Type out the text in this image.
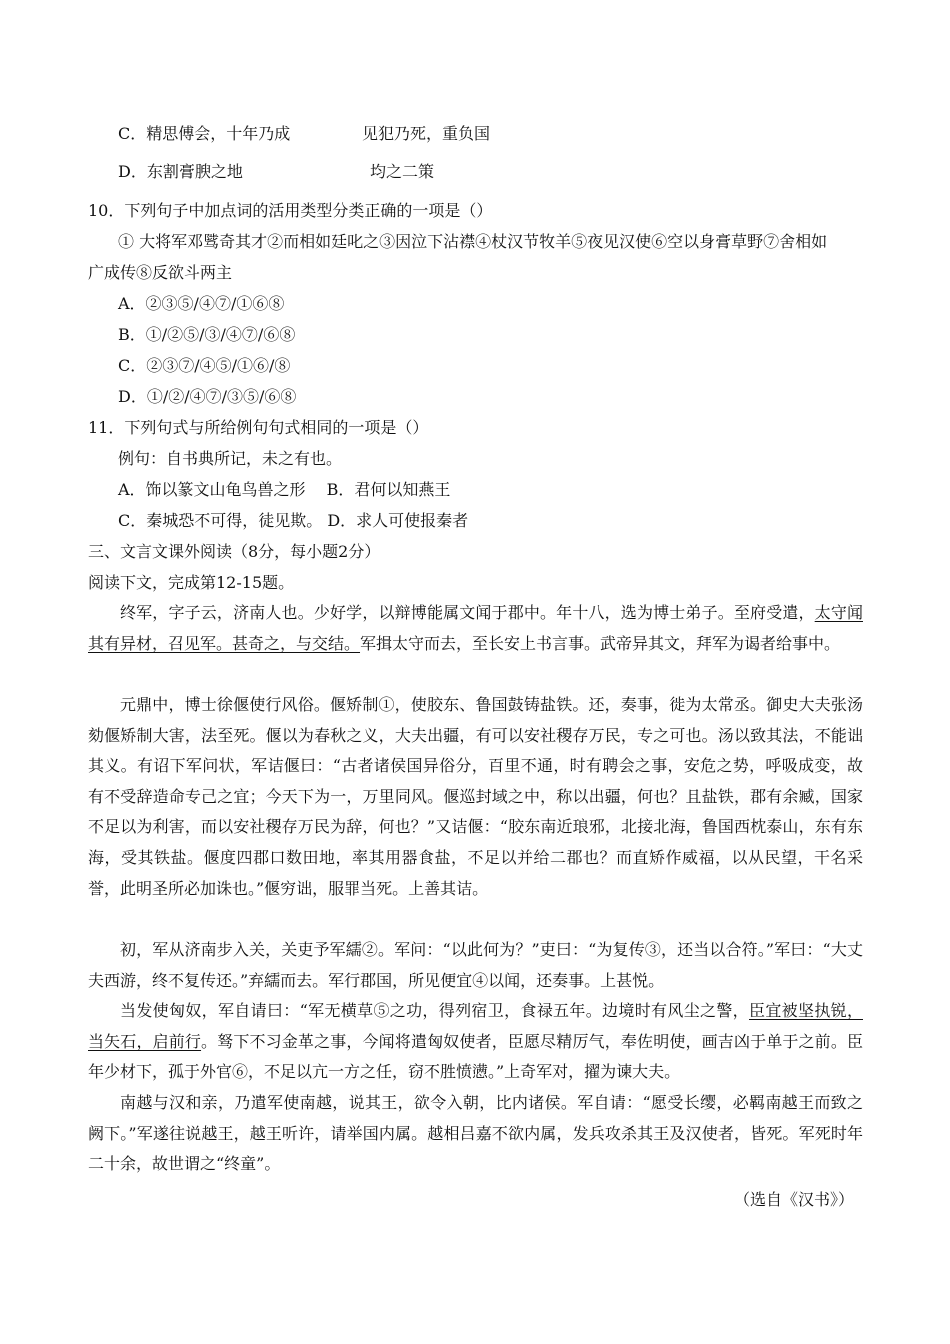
C．精思傅会，十年乃成	见犯乃死，重负国
D．东割膏腴之地	均之二策
10．下列句子中加点词的活用类型分类正确的一项是（）
① 大将军邓骘奇其才②而相如廷叱之③因泣下沾襟④杖汉节牧羊⑤夜见汉使⑥空以身膏草野⑦舍相如
广成传⑧反欲斗两主
A．②③⑤/④⑦/①⑥⑧
B．①/②⑤/③/④⑦/⑥⑧
C．②③⑦/④⑤/①⑥/⑧
D．①/②/④⑦/③⑤/⑥⑧
11．下列句式与所给例句句式相同的一项是（）
例句：自书典所记，未之有也。
A．饰以篆文山龟鸟兽之形　 B．君何以知燕王
C．秦城恐不可得，徒见欺。 D．求人可使报秦者
三、文言文课外阅读（8分，每小题2分）
阅读下文，完成第12-15题。

终军，字子云，济南人也。少好学，以辩博能属文闻于郡中。年十八，选为博士弟子。至府受遣，太守闻其有异材，召见军。甚奇之，与交结。军揖太守而去，至长安上书言事。武帝异其文，拜军为谒者给事中。

元鼎中，博士徐偃使行风俗。偃矫制①，使胶东、鲁国鼓铸盐铁。还，奏事，徙为太常丞。御史大夫张汤劾偃矫制大害，法至死。偃以为春秋之义，大夫出疆，有可以安社稷存万民，专之可也。汤以致其法，不能诎其义。有诏下军问状，军诘偃曰：“古者诸侯国异俗分，百里不通，时有聘会之事，安危之势，呼吸成变，故有不受辞造命专己之宜；今天下为一，万里同风。偃巡封域之中，称以出疆，何也？且盐铁，郡有余臧，国家不足以为利害，而以安社稷存万民为辞，何也？”又诘偃：“胶东南近琅邪，北接北海，鲁国西枕泰山，东有东海，受其铁盐。偃度四郡口数田地，率其用器食盐，不足以并给二郡也？而直矫作威福，以从民望，干名采誉，此明圣所必加诛也。”偃穷诎，服罪当死。上善其诘。

初，军从济南步入关，关吏予军繻②。军问：“以此何为？”吏曰：“为复传③，还当以合符。”军曰：“大丈夫西游，终不复传还。”弃繻而去。军行郡国，所见便宜④以闻，还奏事。上甚悦。

当发使匈奴，军自请曰：“军无横草⑤之功，得列宿卫，食禄五年。边境时有风尘之警，臣宜被坚执锐，当矢石，启前行。驽下不习金革之事，今闻将遣匈奴使者，臣愿尽精厉气，奉佐明使，画吉凶于单于之前。臣年少材下，孤于外官⑥，不足以亢一方之任，窃不胜愤懑。”上奇军对，擢为谏大夫。

南越与汉和亲，乃遣军使南越，说其王，欲令入朝，比内诸侯。军自请：“愿受长缨，必羁南越王而致之阙下。”军遂往说越王，越王听许，请举国内属。越相吕嘉不欲内属，发兵攻杀其王及汉使者，皆死。军死时年二十余，故世谓之“终童”。

（选自《汉书》）
